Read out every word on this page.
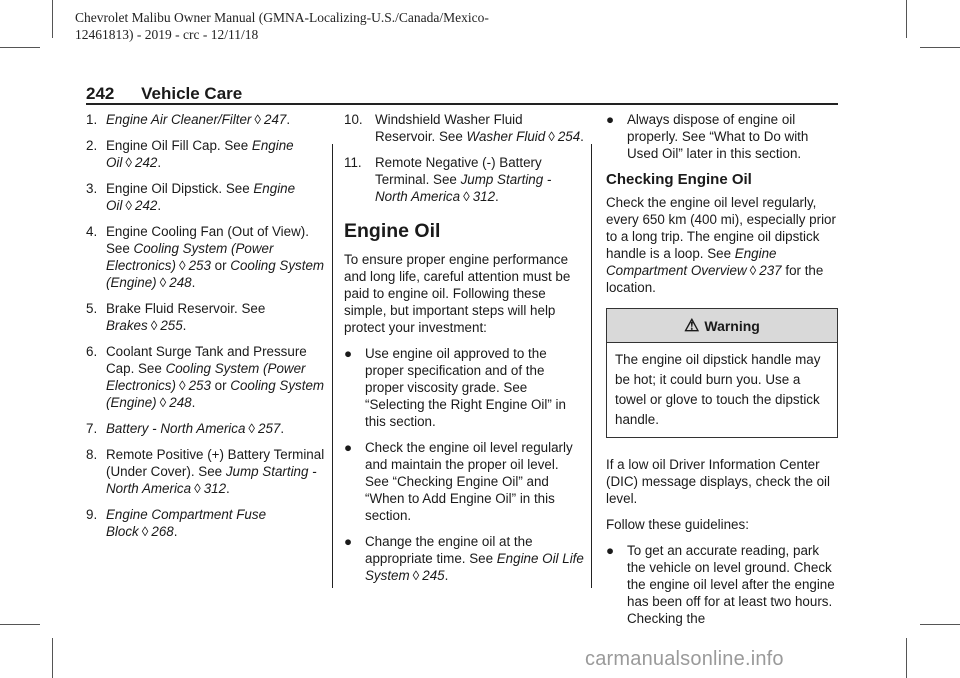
Chevrolet Malibu Owner Manual (GMNA-Localizing-U.S./Canada/Mexico-
12461813) - 2019 - crc - 12/11/18
242 Vehicle Care

1. Engine Air Cleaner/Filter ◊ 247.

2. Engine Oil Fill Cap. See Engine Oil ◊ 242.

3. Engine Oil Dipstick. See Engine Oil ◊ 242.

4. Engine Cooling Fan (Out of View). See Cooling System (Power Electronics) ◊ 253 or Cooling System (Engine) ◊ 248.

5. Brake Fluid Reservoir. See Brakes ◊ 255.

6. Coolant Surge Tank and Pressure Cap. See Cooling System (Power Electronics) ◊ 253 or Cooling System (Engine) ◊ 248.

7. Battery - North America ◊ 257.

8. Remote Positive (+) Battery Terminal (Under Cover). See Jump Starting - North America ◊ 312.

9. Engine Compartment Fuse Block ◊ 268.

10. Windshield Washer Fluid Reservoir. See Washer Fluid ◊ 254.

11. Remote Negative (-) Battery Terminal. See Jump Starting - North America ◊ 312.

Engine Oil

To ensure proper engine performance and long life, careful attention must be paid to engine oil. Following these simple, but important steps will help protect your investment:

● Use engine oil approved to the proper specification and of the proper viscosity grade. See “Selecting the Right Engine Oil” in this section.

● Check the engine oil level regularly and maintain the proper oil level. See “Checking Engine Oil” and “When to Add Engine Oil” in this section.

● Change the engine oil at the appropriate time. See Engine Oil Life System ◊ 245.

● Always dispose of engine oil properly. See “What to Do with Used Oil” later in this section.

Checking Engine Oil

Check the engine oil level regularly, every 650 km (400 mi), especially prior to a long trip. The engine oil dipstick handle is a loop. See Engine Compartment Overview ◊ 237 for the location.

⚠ Warning
The engine oil dipstick handle may be hot; it could burn you. Use a towel or glove to touch the dipstick handle.

If a low oil Driver Information Center (DIC) message displays, check the oil level.

Follow these guidelines:

● To get an accurate reading, park the vehicle on level ground. Check the engine oil level after the engine has been off for at least two hours. Checking the

carmanualsonline.info
